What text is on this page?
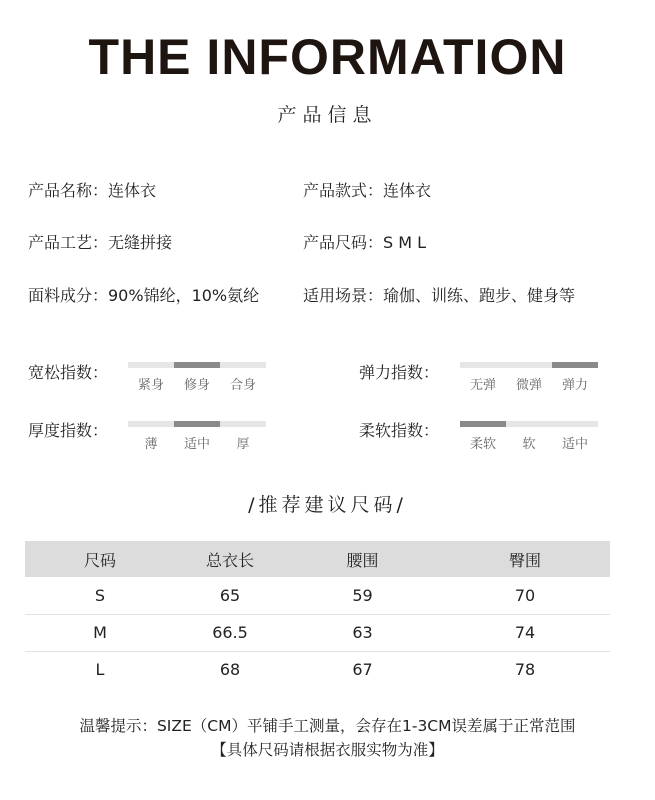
THE INFORMATION
产品信息
产品名称：连体衣	产品款式：连体衣
产品工艺：无缝拼接	产品尺码：S M L
面料成分：90%锦纶，10%氨纶	适用场景：瑜伽、训练、跑步、健身等
宽松指数：
紧身	修身	合身
弹力指数：
无弹	微弹	弹力
厚度指数：
薄	适中	厚
柔软指数：
柔软	软	适中
/推荐建议尺码/
尺码	总衣长	腰围	臀围
S	65	59	70
M	66.5	63	74
L	68	67	78
温馨提示：SIZE（CM）平铺手工测量，会存在1-3CM误差属于正常范围
【具体尺码请根据衣服实物为准】
